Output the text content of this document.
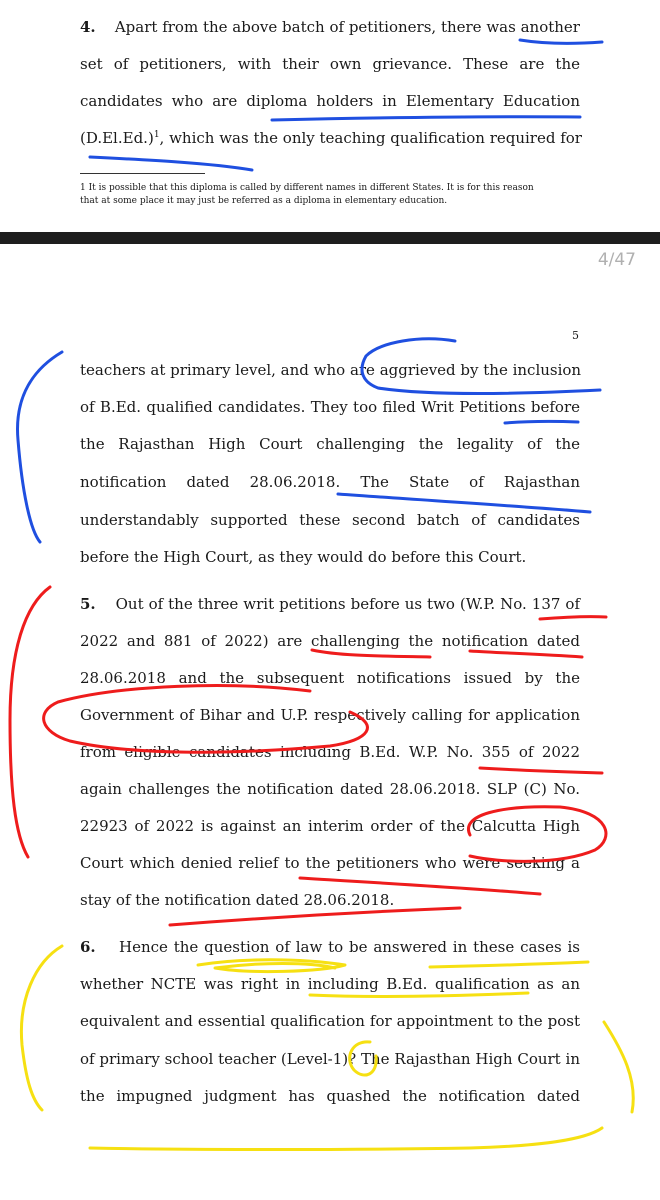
4. Apart from the above batch of petitioners, there was another
set of petitioners, with their own grievance. These are the
candidates who are diploma holders in Elementary Education
$(D.El.Ed.)^1$, which was the only teaching qualification required for
1 It is possible that this diploma is called by different names in different States. It is for this reason
that at some place it may just be referred as a diploma in elementary education.
4/47
5
teachers at primary level, and who are aggrieved by the inclusion
of B.Ed. qualified candidates. They too filed Writ Petitions before
the Rajasthan High Court challenging the legality of the
notification dated 28.06.2018. The State of Rajasthan
understandably supported these second batch of candidates
before the High Court, as they would do before this Court.
5. Out of the three writ petitions before us two (W.P. No. 137 of
2022 and 881 of 2022) are challenging the notification dated
28.06.2018 and the subsequent notifications issued by the
Government of Bihar and U.P. respectively calling for application
from eligible candidates including B.Ed. W.P. No. 355 of 2022
again challenges the notification dated 28.06.2018. SLP (C) No.
22923 of 2022 is against an interim order of the Calcutta High
Court which denied relief to the petitioners who were seeking a
stay of the notification dated 28.06.2018.
6. Hence the question of law to be answered in these cases is
whether NCTE was right in including B.Ed. qualification as an
equivalent and essential qualification for appointment to the post
of primary school teacher (Level-1)? The Rajasthan High Court in
the impugned judgment has quashed the notification dated
